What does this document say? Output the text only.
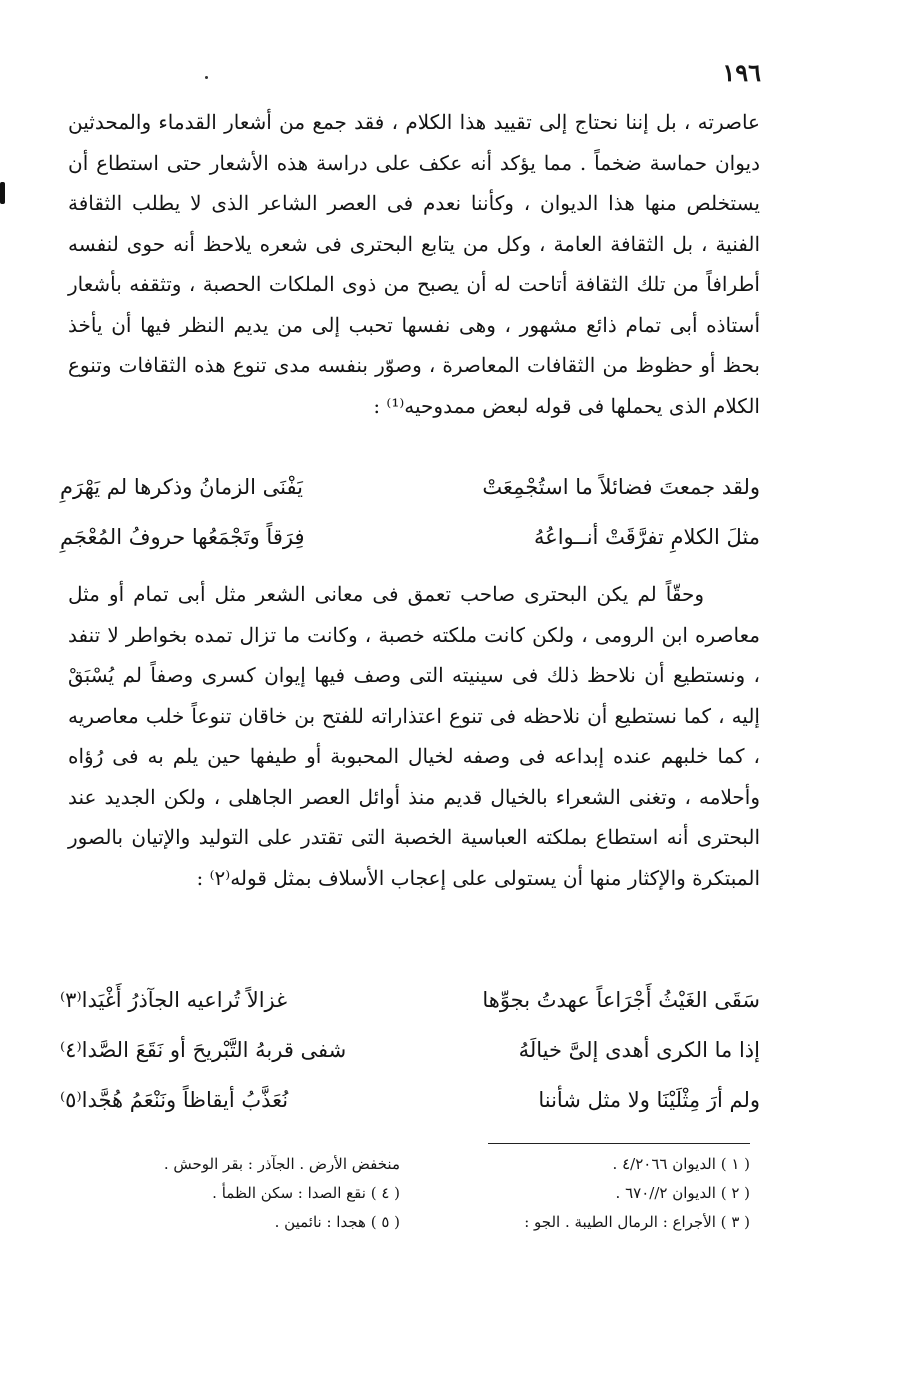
١٩٦

عاصرته ، بل إننا نحتاج إلى تقييد هذا الكلام ، فقد جمع من أشعار القدماء والمحدثين ديوان حماسة ضخماً . مما يؤكد أنه عكف على دراسة هذه الأشعار حتى استطاع أن يستخلص منها هذا الديوان ، وكأننا نعدم فى العصر الشاعر الذى لا يطلب الثقافة الفنية ، بل الثقافة العامة ، وكل من يتابع البحترى فى شعره يلاحظ أنه حوى لنفسه أطرافاً من تلك الثقافة أتاحت له أن يصبح من ذوى الملكات الحصبة ، وتثقفه بأشعار أستاذه أبى تمام ذائع مشهور ، وهى نفسها تحبب إلى من يديم النظر فيها أن يأخذ بحظ أو حظوظ من الثقافات المعاصرة ، وصوّر بنفسه مدى تنوع هذه الثقافات وتنوع الكلام الذى يحملها فى قوله لبعض ممدوحيه⁽¹⁾ :

ولقد جمعتَ فضائلاً ما استُجْمِعَتْ
يَفْنَى الزمانُ وذكرها لم يَهْرَمِ
مثلَ الكلامِ تفرَّقَتْ أنــواعُهُ
فِرَقاً وتَجْمَعُها حروفُ المُعْجَمِ

وحقّاً لم يكن البحترى صاحب تعمق فى معانى الشعر مثل أبى تمام أو مثل معاصره ابن الرومى ، ولكن كانت ملكته خصبة ، وكانت ما تزال تمده بخواطر لا تنفد ، ونستطيع أن نلاحظ ذلك فى سينيته التى وصف فيها إيوان كسرى وصفاً لم يُسْبَقْ إليه ، كما نستطيع أن نلاحظه فى تنوع اعتذاراته للفتح بن خاقان تنوعاً خلب معاصريه ، كما خلبهم عنده إبداعه فى وصفه لخيال المحبوبة أو طيفها حين يلم به فى رُؤاه وأحلامه ، وتغنى الشعراء بالخيال قديم منذ أوائل العصر الجاهلى ، ولكن الجديد عند البحترى أنه استطاع بملكته العباسية الخصبة التى تقتدر على التوليد والإتيان بالصور المبتكرة والإكثار منها أن يستولى على إعجاب الأسلاف بمثل قوله⁽٢⁾ :

سَقَى الغَيْثُ أَجْرَاعاً عهدتُ بجوِّها
غزالاً تُراعيه الجآذرُ أَغْيَدا⁽٣⁾
إذا ما الكرى أهدى إلىَّ خيالَهُ
شفى قربهُ التَّبْريحَ أو نَقَعَ الصَّدا⁽٤⁾
ولم أرَ مِثْلَيْنَا ولا مثل شأننا
نُعَذَّبُ أيقاظاً ونَنْعَمُ هُجَّدا⁽٥⁾
( ١ ) الديوان ٤/٢٠٦٦ .
( ٢ ) الديوان ٢//٦٧٠ .
( ٣ ) الأجراع : الرمال الطيبة . الجو :
منخفض الأرض . الجآذر : بقر الوحش .
( ٤ ) نقع الصدا : سكن الظمأ .
( ٥ ) هجدا : نائمين .
